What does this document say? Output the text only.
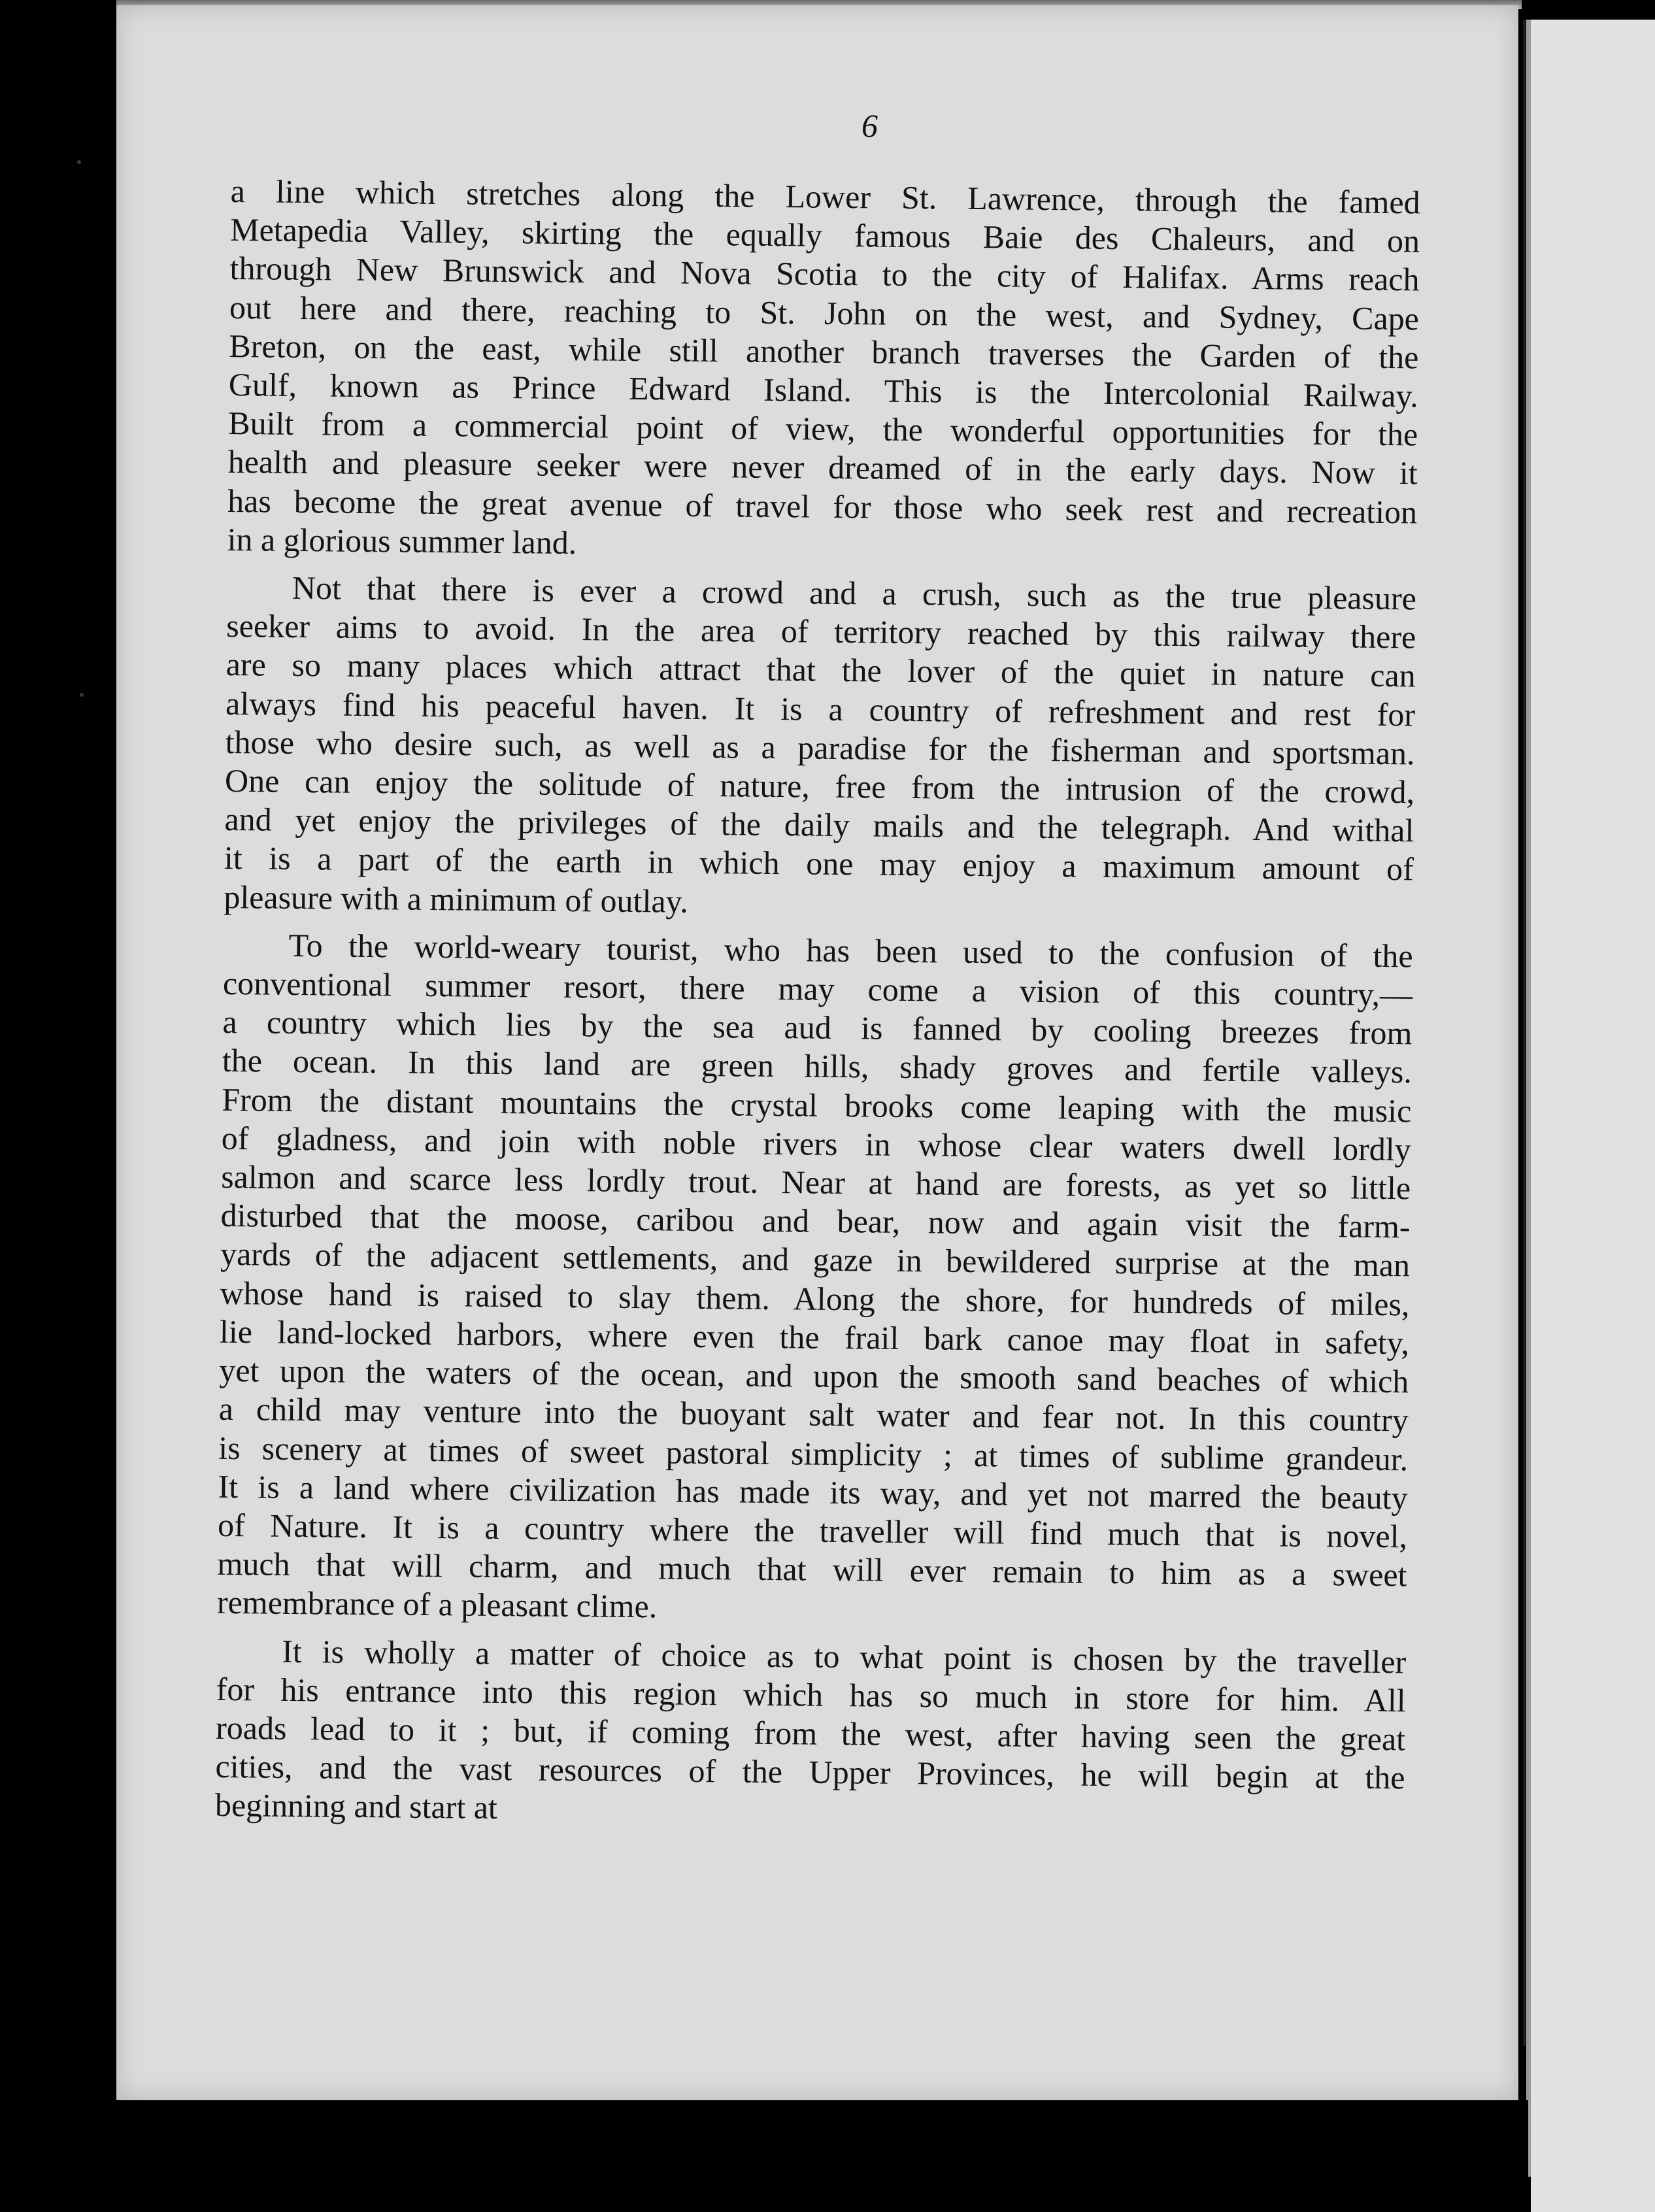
6
a line which stretches along the Lower St. Lawrence, through the famed
Metapedia Valley, skirting the equally famous Baie des Chaleurs, and on
through New Brunswick and Nova Scotia to the city of Halifax. Arms reach
out here and there, reaching to St. John on the west, and Sydney, Cape
Breton, on the east, while still another branch traverses the Garden of the
Gulf, known as Prince Edward Island. This is the Intercolonial Railway.
Built from a commercial point of view, the wonderful opportunities for the
health and pleasure seeker were never dreamed of in the early days. Now it
has become the great avenue of travel for those who seek rest and recreation
in a glorious summer land.
Not that there is ever a crowd and a crush, such as the true pleasure
seeker aims to avoid. In the area of territory reached by this railway there
are so many places which attract that the lover of the quiet in nature can
always find his peaceful haven. It is a country of refreshment and rest for
those who desire such, as well as a paradise for the fisherman and sportsman.
One can enjoy the solitude of nature, free from the intrusion of the crowd,
and yet enjoy the privileges of the daily mails and the telegraph. And withal
it is a part of the earth in which one may enjoy a maximum amount of
pleasure with a minimum of outlay.
To the world-weary tourist, who has been used to the confusion of the
conventional summer resort, there may come a vision of this country,—
a country which lies by the sea aud is fanned by cooling breezes from
the ocean. In this land are green hills, shady groves and fertile valleys.
From the distant mountains the crystal brooks come leaping with the music
of gladness, and join with noble rivers in whose clear waters dwell lordly
salmon and scarce less lordly trout. Near at hand are forests, as yet so little
disturbed that the moose, caribou and bear, now and again visit the farm-
yards of the adjacent settlements, and gaze in bewildered surprise at the man
whose hand is raised to slay them. Along the shore, for hundreds of miles,
lie land-locked harbors, where even the frail bark canoe may float in safety,
yet upon the waters of the ocean, and upon the smooth sand beaches of which
a child may venture into the buoyant salt water and fear not. In this country
is scenery at times of sweet pastoral simplicity ; at times of sublime grandeur.
It is a land where civilization has made its way, and yet not marred the beauty
of Nature. It is a country where the traveller will find much that is novel,
much that will charm, and much that will ever remain to him as a sweet
remembrance of a pleasant clime.
It is wholly a matter of choice as to what point is chosen by the traveller
for his entrance into this region which has so much in store for him. All
roads lead to it ; but, if coming from the west, after having seen the great
cities, and the vast resources of the Upper Provinces, he will begin at the
beginning and start at
